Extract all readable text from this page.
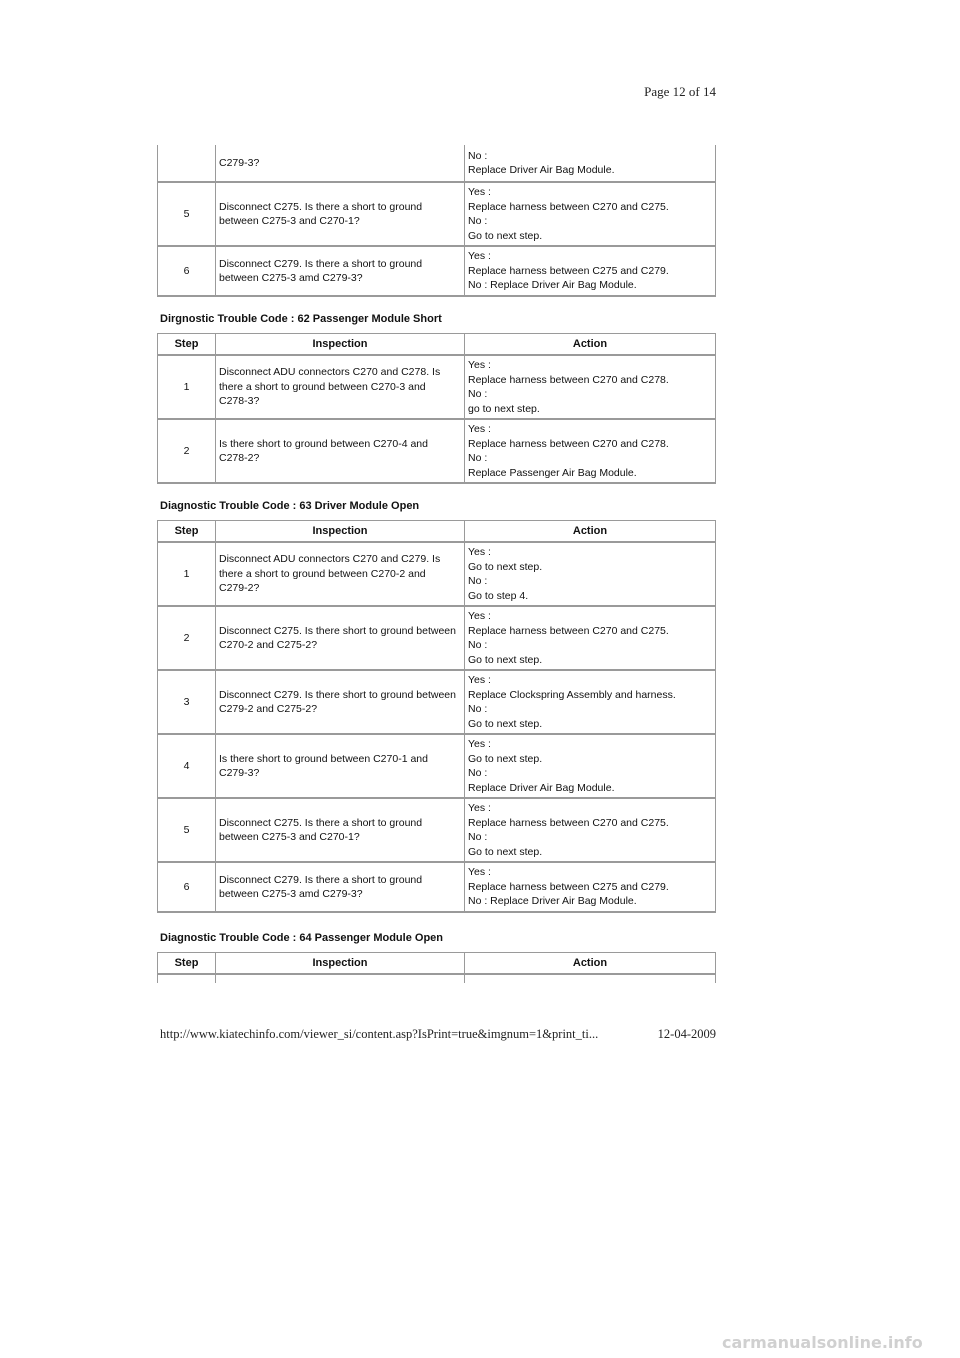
Page 12 of 14
	C279-3?	No :
Replace Driver Air Bag Module.

5	Disconnect C275. Is there a short to ground between C275-3 and C270-1?	Yes :
Replace harness between C270 and C275.
No :
Go to next step.

6	Disconnect C279. Is there a short to ground between C275-3 amd C279-3?	Yes :
Replace harness between C275 and C279.
No : Replace Driver Air Bag Module.

Dirgnostic Trouble Code : 62 Passenger Module Short

Step	Inspection	Action
1	Disconnect ADU connectors C270 and C278. Is there a short to ground between C270-3 and C278-3?	Yes :
Replace harness between C270 and C278.
No :
go to next step.

2	Is there short to ground between C270-4 and C278-2?	Yes :
Replace harness between C270 and C278.
No :
Replace Passenger Air Bag Module.

Diagnostic Trouble Code : 63 Driver Module Open

Step	Inspection	Action
1	Disconnect ADU connectors C270 and C279. Is there a short to ground between C270-2 and C279-2?	Yes :
Go to next step.
No :
Go to step 4.

2	Disconnect C275. Is there short to ground between C270-2 and C275-2?	Yes :
Replace harness between C270 and C275.
No :
Go to next step.

3	Disconnect C279. Is there short to ground between C279-2 and C275-2?	Yes :
Replace Clockspring Assembly and harness.
No :
Go to next step.

4	Is there short to ground between C270-1 and C279-3?	Yes :
Go to next step.
No :
Replace Driver Air Bag Module.

5	Disconnect C275. Is there a short to ground between C275-3 and C270-1?	Yes :
Replace harness between C270 and C275.
No :
Go to next step.

6	Disconnect C279. Is there a short to ground between C275-3 amd C279-3?	Yes :
Replace harness between C275 and C279.
No : Replace Driver Air Bag Module.

Diagnostic Trouble Code : 64 Passenger Module Open

Step	Inspection	Action

http://www.kiatechinfo.com/viewer_si/content.asp?IsPrint=true&imgnum=1&print_ti...	12-04-2009
carmanualsonline.info
